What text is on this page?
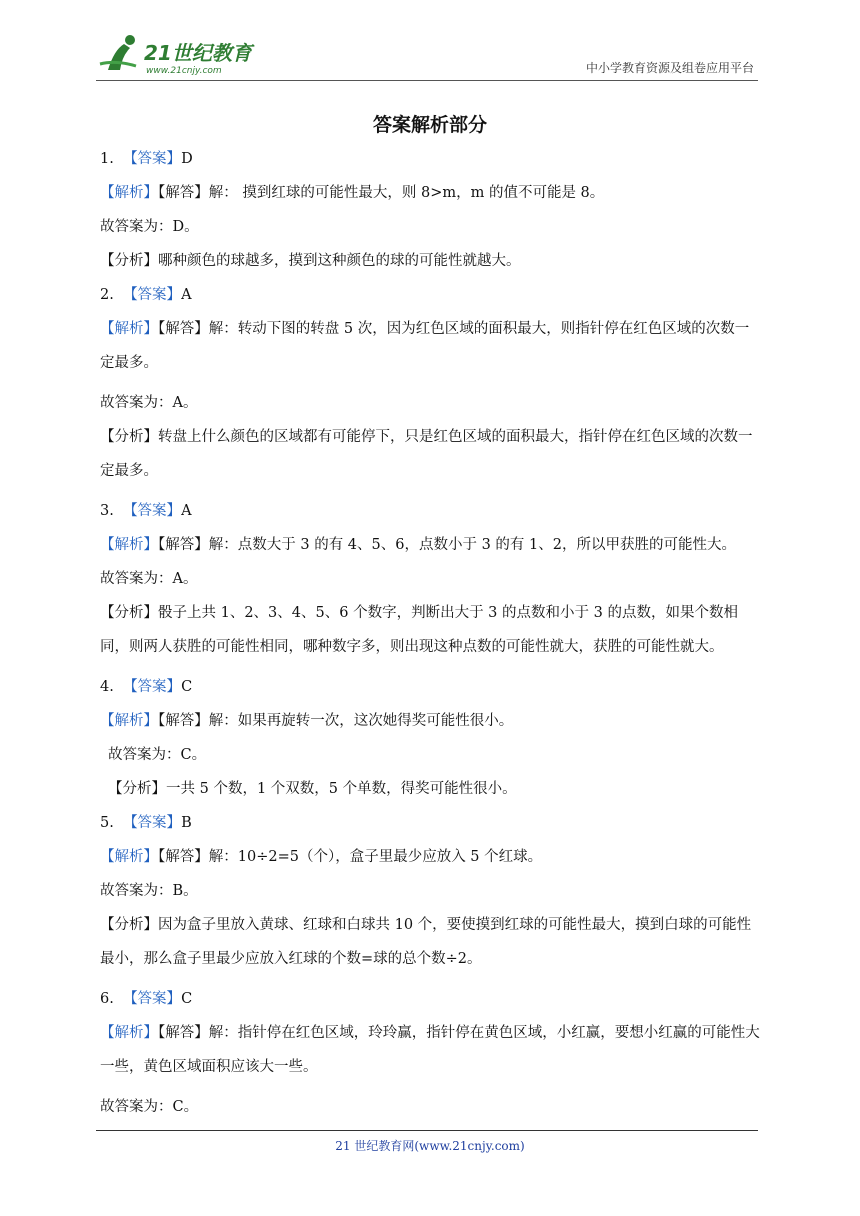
21世纪教育
www.21cnjy.com	中小学教育资源及组卷应用平台
答案解析部分
1. 【答案】D
【解析】【解答】解： 摸到红球的可能性最大，则 8>m，m 的值不可能是 8。
故答案为：D。
【分析】哪种颜色的球越多，摸到这种颜色的球的可能性就越大。
2. 【答案】A
【解析】【解答】解：转动下图的转盘 5 次，因为红色区域的面积最大，则指针停在红色区域的次数一定最多。
故答案为：A。
【分析】转盘上什么颜色的区域都有可能停下，只是红色区域的面积最大，指针停在红色区域的次数一定最多。
3. 【答案】A
【解析】【解答】解：点数大于 3 的有 4、5、6，点数小于 3 的有 1、2，所以甲获胜的可能性大。
故答案为：A。
【分析】骰子上共 1、2、3、4、5、6 个数字，判断出大于 3 的点数和小于 3 的点数，如果个数相同，则两人获胜的可能性相同，哪种数字多，则出现这种点数的可能性就大，获胜的可能性就大。
4. 【答案】C
【解析】【解答】解：如果再旋转一次，这次她得奖可能性很小。
故答案为：C。
【分析】一共 5 个数，1 个双数，5 个单数，得奖可能性很小。
5. 【答案】B
【解析】【解答】解：10÷2=5（个），盒子里最少应放入 5 个红球。
故答案为：B。
【分析】因为盒子里放入黄球、红球和白球共 10 个，要使摸到红球的可能性最大，摸到白球的可能性最小，那么盒子里最少应放入红球的个数=球的总个数÷2。
6. 【答案】C
【解析】【解答】解：指针停在红色区域，玲玲赢，指针停在黄色区域，小红赢，要想小红赢的可能性大一些，黄色区域面积应该大一些。
故答案为：C。
21 世纪教育网(www.21cnjy.com)
